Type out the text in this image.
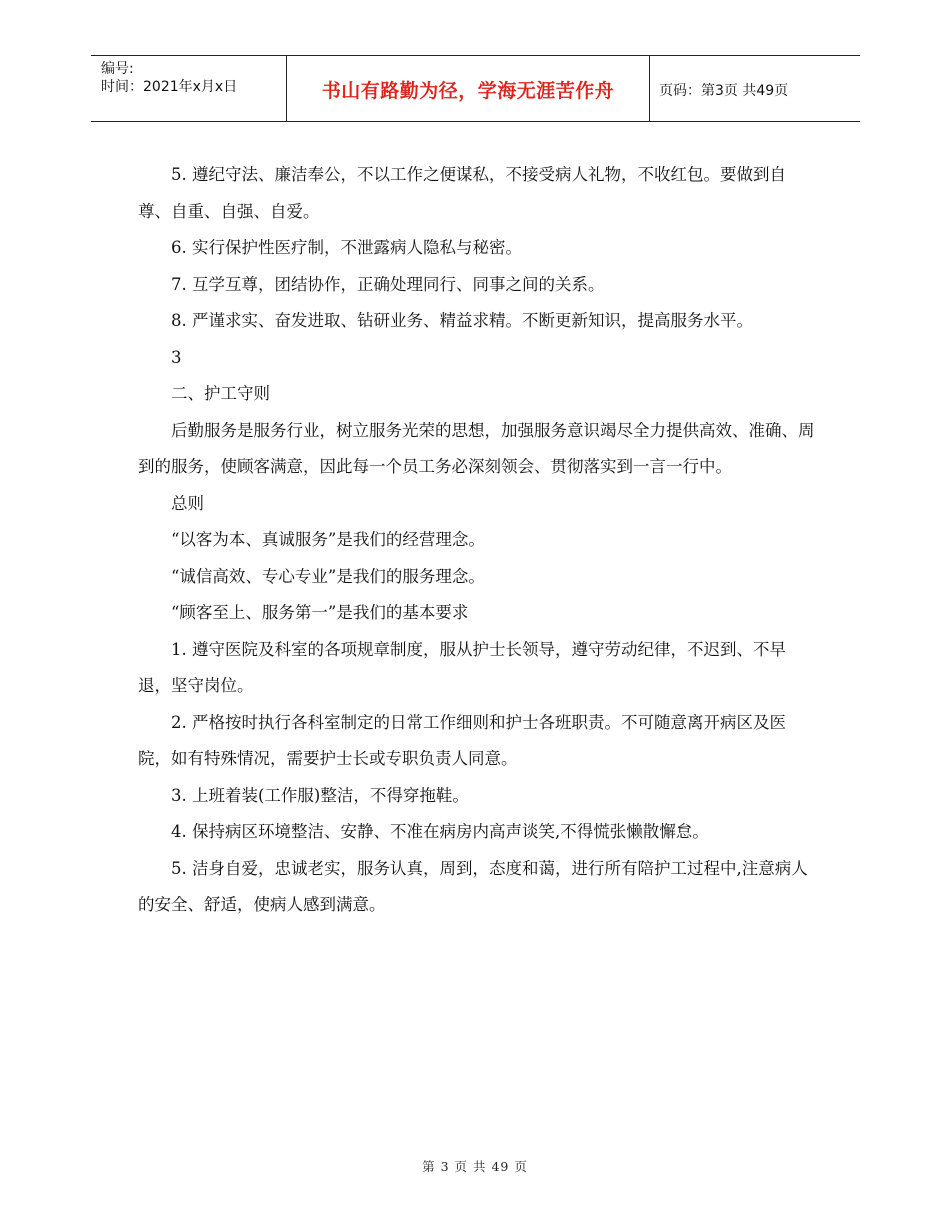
编号:
时间：2021年x月x日	书山有路勤为径，学海无涯苦作舟	页码：第3页 共49页

5. 遵纪守法、廉洁奉公，不以工作之便谋私，不接受病人礼物，不收红包。要做到自尊、自重、自强、自爱。

6. 实行保护性医疗制，不泄露病人隐私与秘密。

7. 互学互尊，团结协作，正确处理同行、同事之间的关系。

8. 严谨求实、奋发进取、钻研业务、精益求精。不断更新知识，提高服务水平。

3

二、护工守则

后勤服务是服务行业，树立服务光荣的思想，加强服务意识竭尽全力提供高效、准确、周到的服务，使顾客满意，因此每一个员工务必深刻领会、贯彻落实到一言一行中。

总则

“以客为本、真诚服务”是我们的经营理念。

“诚信高效、专心专业”是我们的服务理念。

“顾客至上、服务第一”是我们的基本要求

1. 遵守医院及科室的各项规章制度，服从护士长领导，遵守劳动纪律，不迟到、不早退，坚守岗位。

2. 严格按时执行各科室制定的日常工作细则和护士各班职责。不可随意离开病区及医院，如有特殊情况，需要护士长或专职负责人同意。

3. 上班着装(工作服)整洁，不得穿拖鞋。

4. 保持病区环境整洁、安静、不准在病房内高声谈笑,不得慌张懒散懈怠。

5. 洁身自爱，忠诚老实，服务认真，周到，态度和蔼，进行所有陪护工过程中,注意病人的安全、舒适，使病人感到满意。

第 3 页 共 49 页
